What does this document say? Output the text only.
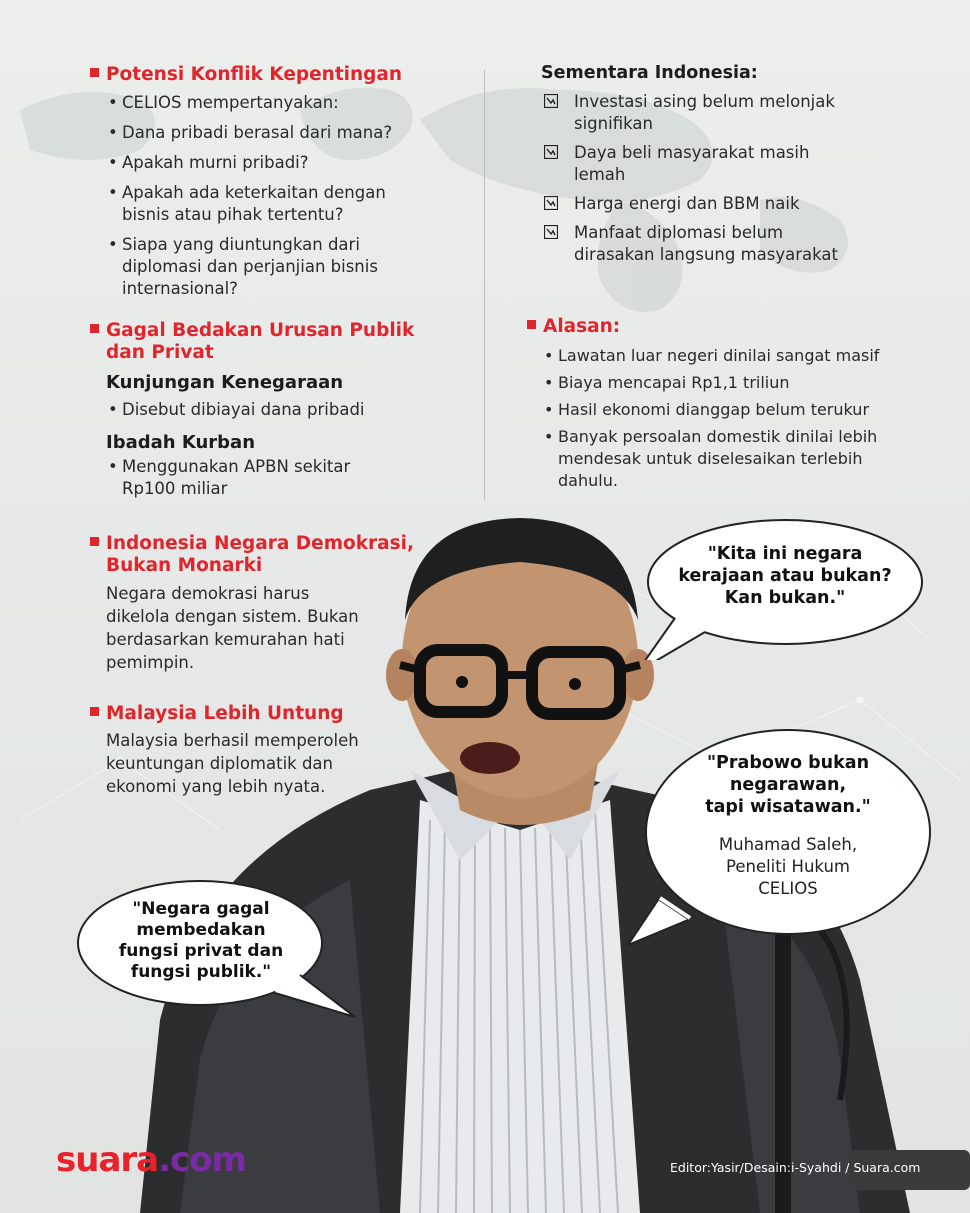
Potensi Konflik Kepentingan
• CELIOS mempertanyakan:
• Dana pribadi berasal dari mana?
• Apakah murni pribadi?
• Apakah ada keterkaitan dengan bisnis atau pihak tertentu?
• Siapa yang diuntungkan dari diplomasi dan perjanjian bisnis internasional?
Gagal Bedakan Urusan Publik
dan Privat
Kunjungan Kenegaraan
• Disebut dibiayai dana pribadi
Ibadah Kurban
• Menggunakan APBN sekitar Rp100 miliar
Indonesia Negara Demokrasi,
Bukan Monarki
Negara demokrasi harus dikelola dengan sistem. Bukan berdasarkan kemurahan hati pemimpin.
Malaysia Lebih Untung
Malaysia berhasil memperoleh keuntungan diplomatik dan ekonomi yang lebih nyata.
Sementara Indonesia:
Investasi asing belum melonjak signifikan
Daya beli masyarakat masih lemah
Harga energi dan BBM naik
Manfaat diplomasi belum dirasakan langsung masyarakat
Alasan:
• Lawatan luar negeri dinilai sangat masif
• Biaya mencapai Rp1,1 triliun
• Hasil ekonomi dianggap belum terukur
• Banyak persoalan domestik dinilai lebih mendesak untuk diselesaikan terlebih dahulu.
"Kita ini negara
kerajaan atau bukan?
Kan bukan."
"Prabowo bukan
negarawan,
tapi wisatawan."
Muhamad Saleh,
Peneliti Hukum
CELIOS
"Negara gagal
membedakan
fungsi privat dan
fungsi publik."
suara.com	Editor:Yasir/Desain:i-Syahdi / Suara.com
